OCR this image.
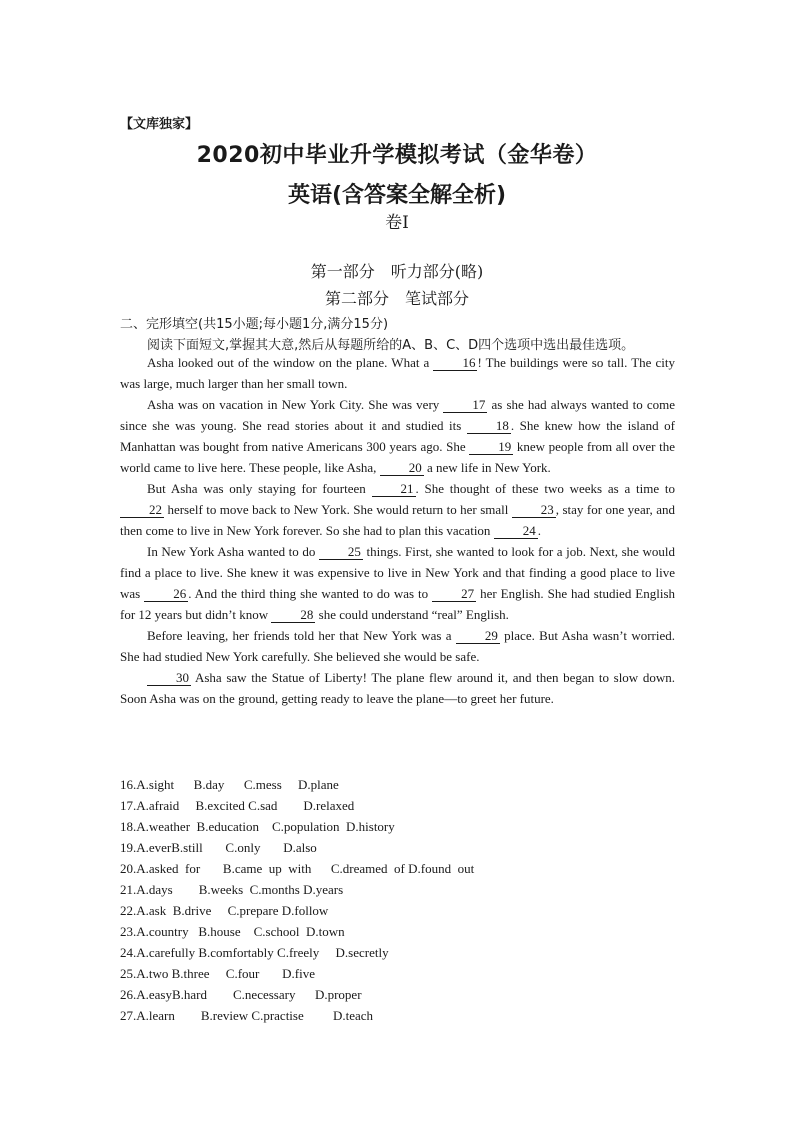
【文库独家】
2020初中毕业升学模拟考试（金华卷）
英语(含答案全解全析)
卷Ⅰ
第一部分　听力部分(略)
第二部分　笔试部分
二、完形填空(共15小题;每小题1分,满分15分)
阅读下面短文,掌握其大意,然后从每题所给的A、B、C、D四个选项中选出最佳选项。

Asha looked out of the window on the plane. What a 16 ! The buildings were so tall. The city was large, much larger than her small town.

Asha was on vacation in New York City. She was very 17 as she had always wanted to come since she was young. She read stories about it and studied its 18 . She knew how the island of Manhattan was bought from native Americans 300 years ago. She 19 knew people from all over the world came to live here. These people, like Asha, 20 a new life in New York.

But Asha was only staying for fourteen 21 . She thought of these two weeks as a time to 22 herself to move back to New York. She would return to her small 23 , stay for one year, and then come to live in New York forever. So she had to plan this vacation 24 .

In New York Asha wanted to do 25 things. First, she wanted to look for a job. Next, she would find a place to live. She knew it was expensive to live in New York and that finding a good place to live was 26 . And the third thing she wanted to do was to 27 her English. She had studied English for 12 years but didn’t know 28 she could understand “real” English.

Before leaving, her friends told her that New York was a 29 place. But Asha wasn’t worried. She had studied New York carefully. She believed she would be safe.

30 Asha saw the Statue of Liberty! The plane flew around it, and then began to slow down. Soon Asha was on the ground, getting ready to leave the plane—to greet her future.

16.A.sight      B.day      C.mess     D.plane
17.A.afraid     B.excited C.sad        D.relaxed
18.A.weather  B.education    C.population  D.history
19.A.everB.still       C.only       D.also
20.A.asked  for       B.came  up  with      C.dreamed  of D.found  out
21.A.days        B.weeks  C.months D.years
22.A.ask  B.drive     C.prepare D.follow
23.A.country   B.house    C.school  D.town
24.A.carefully B.comfortably C.freely     D.secretly
25.A.two B.three     C.four       D.five
26.A.easyB.hard        C.necessary      D.proper
27.A.learn        B.review C.practise         D.teach
